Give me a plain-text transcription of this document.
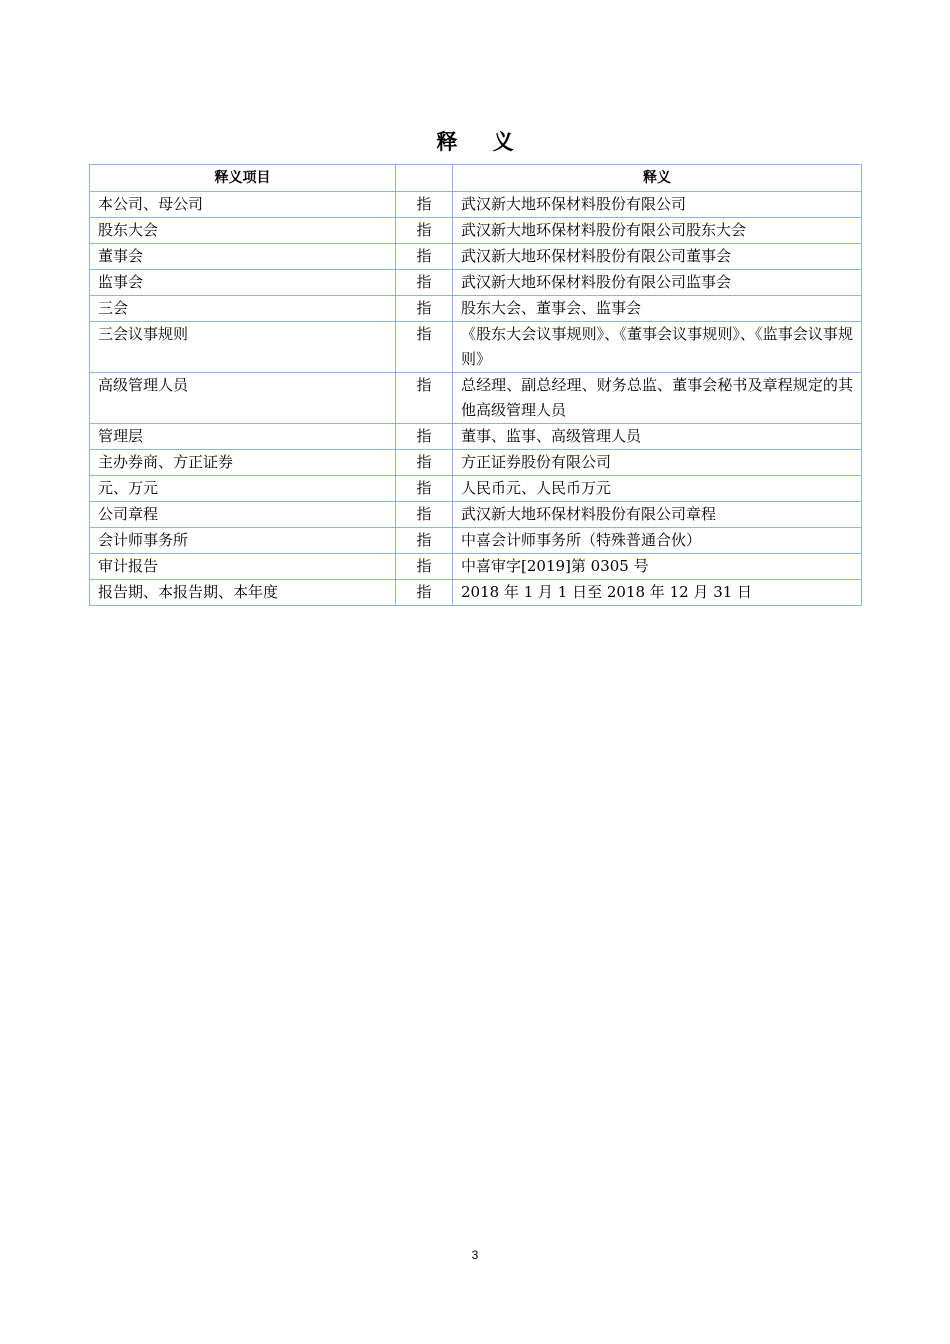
释 义
释义项目		释义
本公司、母公司	指	武汉新大地环保材料股份有限公司
股东大会	指	武汉新大地环保材料股份有限公司股东大会
董事会	指	武汉新大地环保材料股份有限公司董事会
监事会	指	武汉新大地环保材料股份有限公司监事会
三会	指	股东大会、董事会、监事会
三会议事规则	指	《股东大会议事规则》、《董事会议事规则》、《监事会议事规则》
高级管理人员	指	总经理、副总经理、财务总监、董事会秘书及章程规定的其他高级管理人员
管理层	指	董事、监事、高级管理人员
主办券商、方正证券	指	方正证券股份有限公司
元、万元	指	人民币元、人民币万元
公司章程	指	武汉新大地环保材料股份有限公司章程
会计师事务所	指	中喜会计师事务所（特殊普通合伙）
审计报告	指	中喜审字[2019]第 0305 号
报告期、本报告期、本年度	指	2018 年 1 月 1 日至 2018 年 12 月 31 日
3
